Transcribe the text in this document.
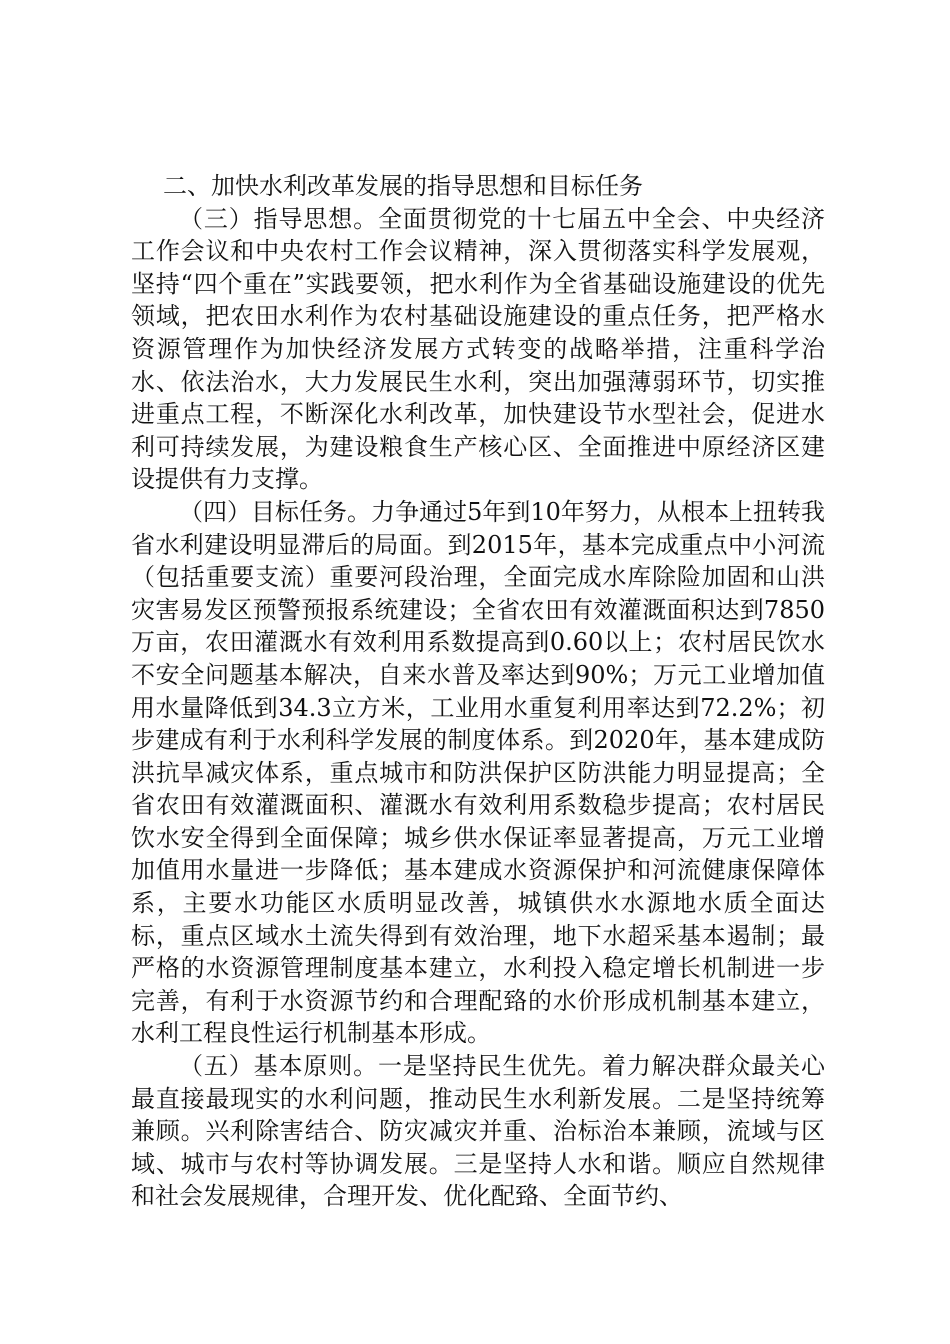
二、加快水利改革发展的指导思想和目标任务

（三）指导思想。全面贯彻党的十七届五中全会、中央经济工作会议和中央农村工作会议精神，深入贯彻落实科学发展观，坚持“四个重在”实践要领，把水利作为全省基础设施建设的优先领域，把农田水利作为农村基础设施建设的重点任务，把严格水资源管理作为加快经济发展方式转变的战略举措，注重科学治水、依法治水，大力发展民生水利，突出加强薄弱环节，切实推进重点工程，不断深化水利改革，加快建设节水型社会，促进水利可持续发展，为建设粮食生产核心区、全面推进中原经济区建设提供有力支撑。

（四）目标任务。力争通过5年到10年努力，从根本上扭转我省水利建设明显滞后的局面。到2015年，基本完成重点中小河流（包括重要支流）重要河段治理，全面完成水库除险加固和山洪灾害易发区预警预报系统建设；全省农田有效灌溉面积达到7850万亩，农田灌溉水有效利用系数提高到0.60以上；农村居民饮水不安全问题基本解决，自来水普及率达到90%；万元工业增加值用水量降低到34.3立方米，工业用水重复利用率达到72.2%；初步建成有利于水利科学发展的制度体系。到2020年，基本建成防洪抗旱减灾体系，重点城市和防洪保护区防洪能力明显提高；全省农田有效灌溉面积、灌溉水有效利用系数稳步提高；农村居民饮水安全得到全面保障；城乡供水保证率显著提高，万元工业增加值用水量进一步降低；基本建成水资源保护和河流健康保障体系，主要水功能区水质明显改善，城镇供水水源地水质全面达标，重点区域水土流失得到有效治理，地下水超采基本遏制；最严格的水资源管理制度基本建立，水利投入稳定增长机制进一步完善，有利于水资源节约和合理配臵的水价形成机制基本建立，水利工程良性运行机制基本形成。

（五）基本原则。一是坚持民生优先。着力解决群众最关心最直接最现实的水利问题，推动民生水利新发展。二是坚持统筹兼顾。兴利除害结合、防灾减灾并重、治标治本兼顾，流域与区域、城市与农村等协调发展。三是坚持人水和谐。顺应自然规律和社会发展规律，合理开发、优化配臵、全面节约、
